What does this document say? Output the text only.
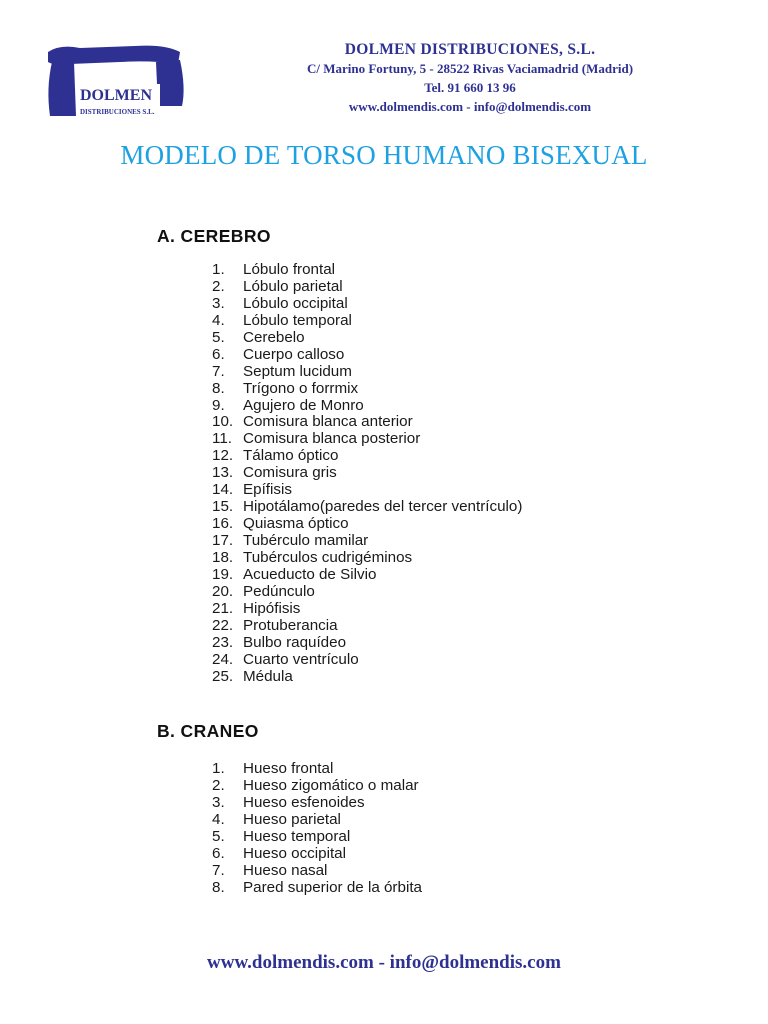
DOLMEN
DISTRIBUCIONES S.L.
DOLMEN DISTRIBUCIONES, S.L.
C/ Marino Fortuny, 5 - 28522 Rivas Vaciamadrid (Madrid)
Tel. 91 660 13 96
www.dolmendis.com - info@dolmendis.com
MODELO DE TORSO HUMANO BISEXUAL
A. CEREBRO
1. Lóbulo frontal
2. Lóbulo parietal
3. Lóbulo occipital
4. Lóbulo temporal
5. Cerebelo
6. Cuerpo calloso
7. Septum lucidum
8. Trígono o forrmix
9. Agujero de Monro
10. Comisura blanca anterior
11. Comisura blanca posterior
12. Tálamo óptico
13. Comisura gris
14. Epífisis
15. Hipotálamo(paredes del tercer ventrículo)
16. Quiasma óptico
17. Tubérculo mamilar
18. Tubérculos cudrigéminos
19. Acueducto de Silvio
20. Pedúnculo
21. Hipófisis
22. Protuberancia
23. Bulbo raquídeo
24. Cuarto ventrículo
25. Médula
B. CRANEO
1. Hueso frontal
2. Hueso zigomático o malar
3. Hueso esfenoides
4. Hueso parietal
5. Hueso temporal
6. Hueso occipital
7. Hueso nasal
8. Pared superior de la órbita
www.dolmendis.com - info@dolmendis.com
